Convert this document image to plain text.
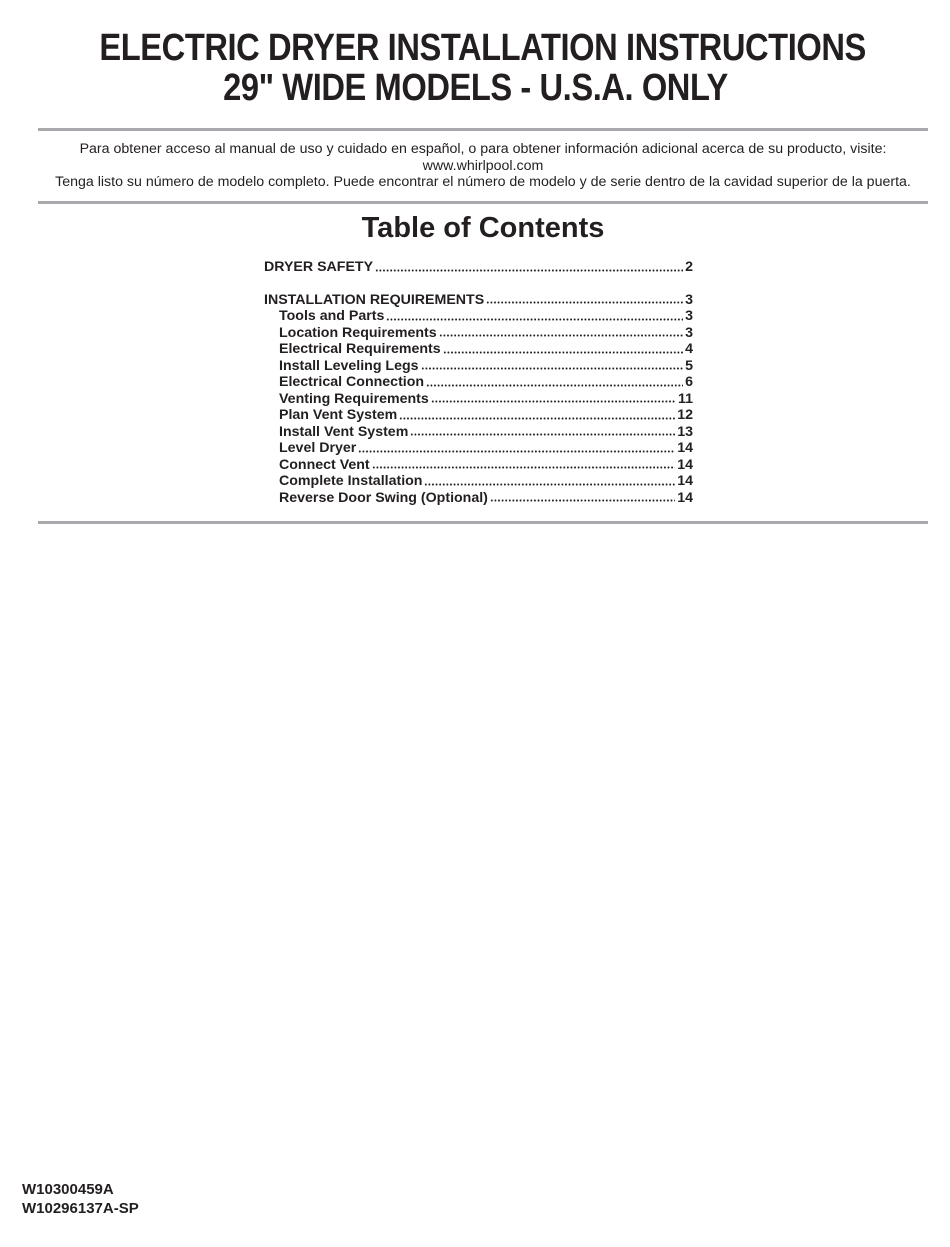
ELECTRIC DRYER INSTALLATION INSTRUCTIONS
29" WIDE MODELS - U.S.A. ONLY
Para obtener acceso al manual de uso y cuidado en español, o para obtener información adicional acerca de su producto, visite:
www.whirlpool.com
Tenga listo su número de modelo completo. Puede encontrar el número de modelo y de serie dentro de la cavidad superior de la puerta.
Table of Contents
DRYER SAFETY	2
INSTALLATION REQUIREMENTS	3
Tools and Parts	3
Location Requirements	3
Electrical Requirements	4
Install Leveling Legs	5
Electrical Connection	6
Venting Requirements	11
Plan Vent System	12
Install Vent System	13
Level Dryer	14
Connect Vent	14
Complete Installation	14
Reverse Door Swing (Optional)	14
W10300459A
W10296137A-SP
